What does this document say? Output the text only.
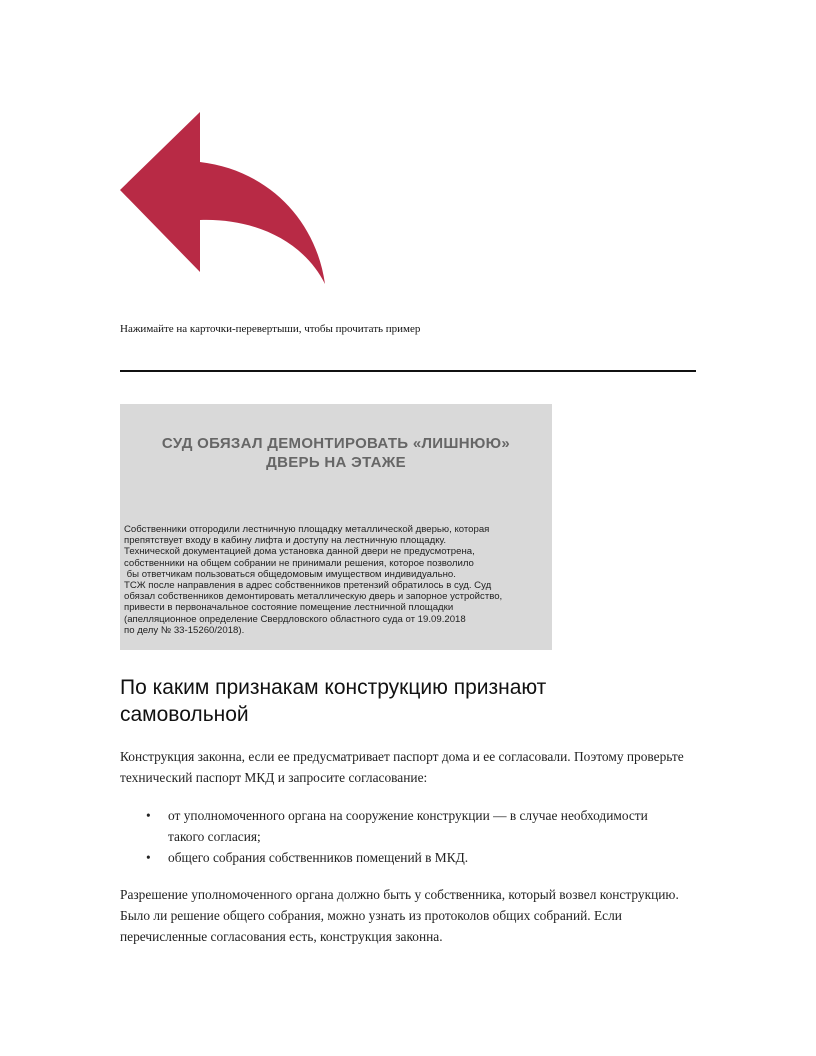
Нажимайте на карточки-перевертыши, чтобы прочитать пример
СУД ОБЯЗАЛ ДЕМОНТИРОВАТЬ «ЛИШНЮЮ»
ДВЕРЬ НА ЭТАЖЕ

Собственники отгородили лестничную площадку металлической дверью, которая

препятствует входу в кабину лифта и доступу на лестничную площадку.

Технической документацией дома установка данной двери не предусмотрена,

собственники на общем собрании не принимали решения, которое позволило

бы ответчикам пользоваться общедомовым имуществом индивидуально.

ТСЖ после направления в адрес собственников претензий обратилось в суд. Суд

обязал собственников демонтировать металлическую дверь и запорное устройство,

привести в первоначальное состояние помещение лестничной площадки

(апелляционное определение Свердловского областного суда от 19.09.2018

по делу № 33-15260/2018).

По каким признакам конструкцию признают самовольной

Конструкция законна, если ее предусматривает паспорт дома и ее согласовали. Поэтому проверьте технический паспорт МКД и запросите согласование:

• от уполномоченного органа на сооружение конструкции — в случае необходимости такого согласия;
• общего собрания собственников помещений в МКД.

Разрешение уполномоченного органа должно быть у собственника, который возвел конструкцию. Было ли решение общего собрания, можно узнать из протоколов общих собраний. Если перечисленные согласования есть, конструкция законна.
